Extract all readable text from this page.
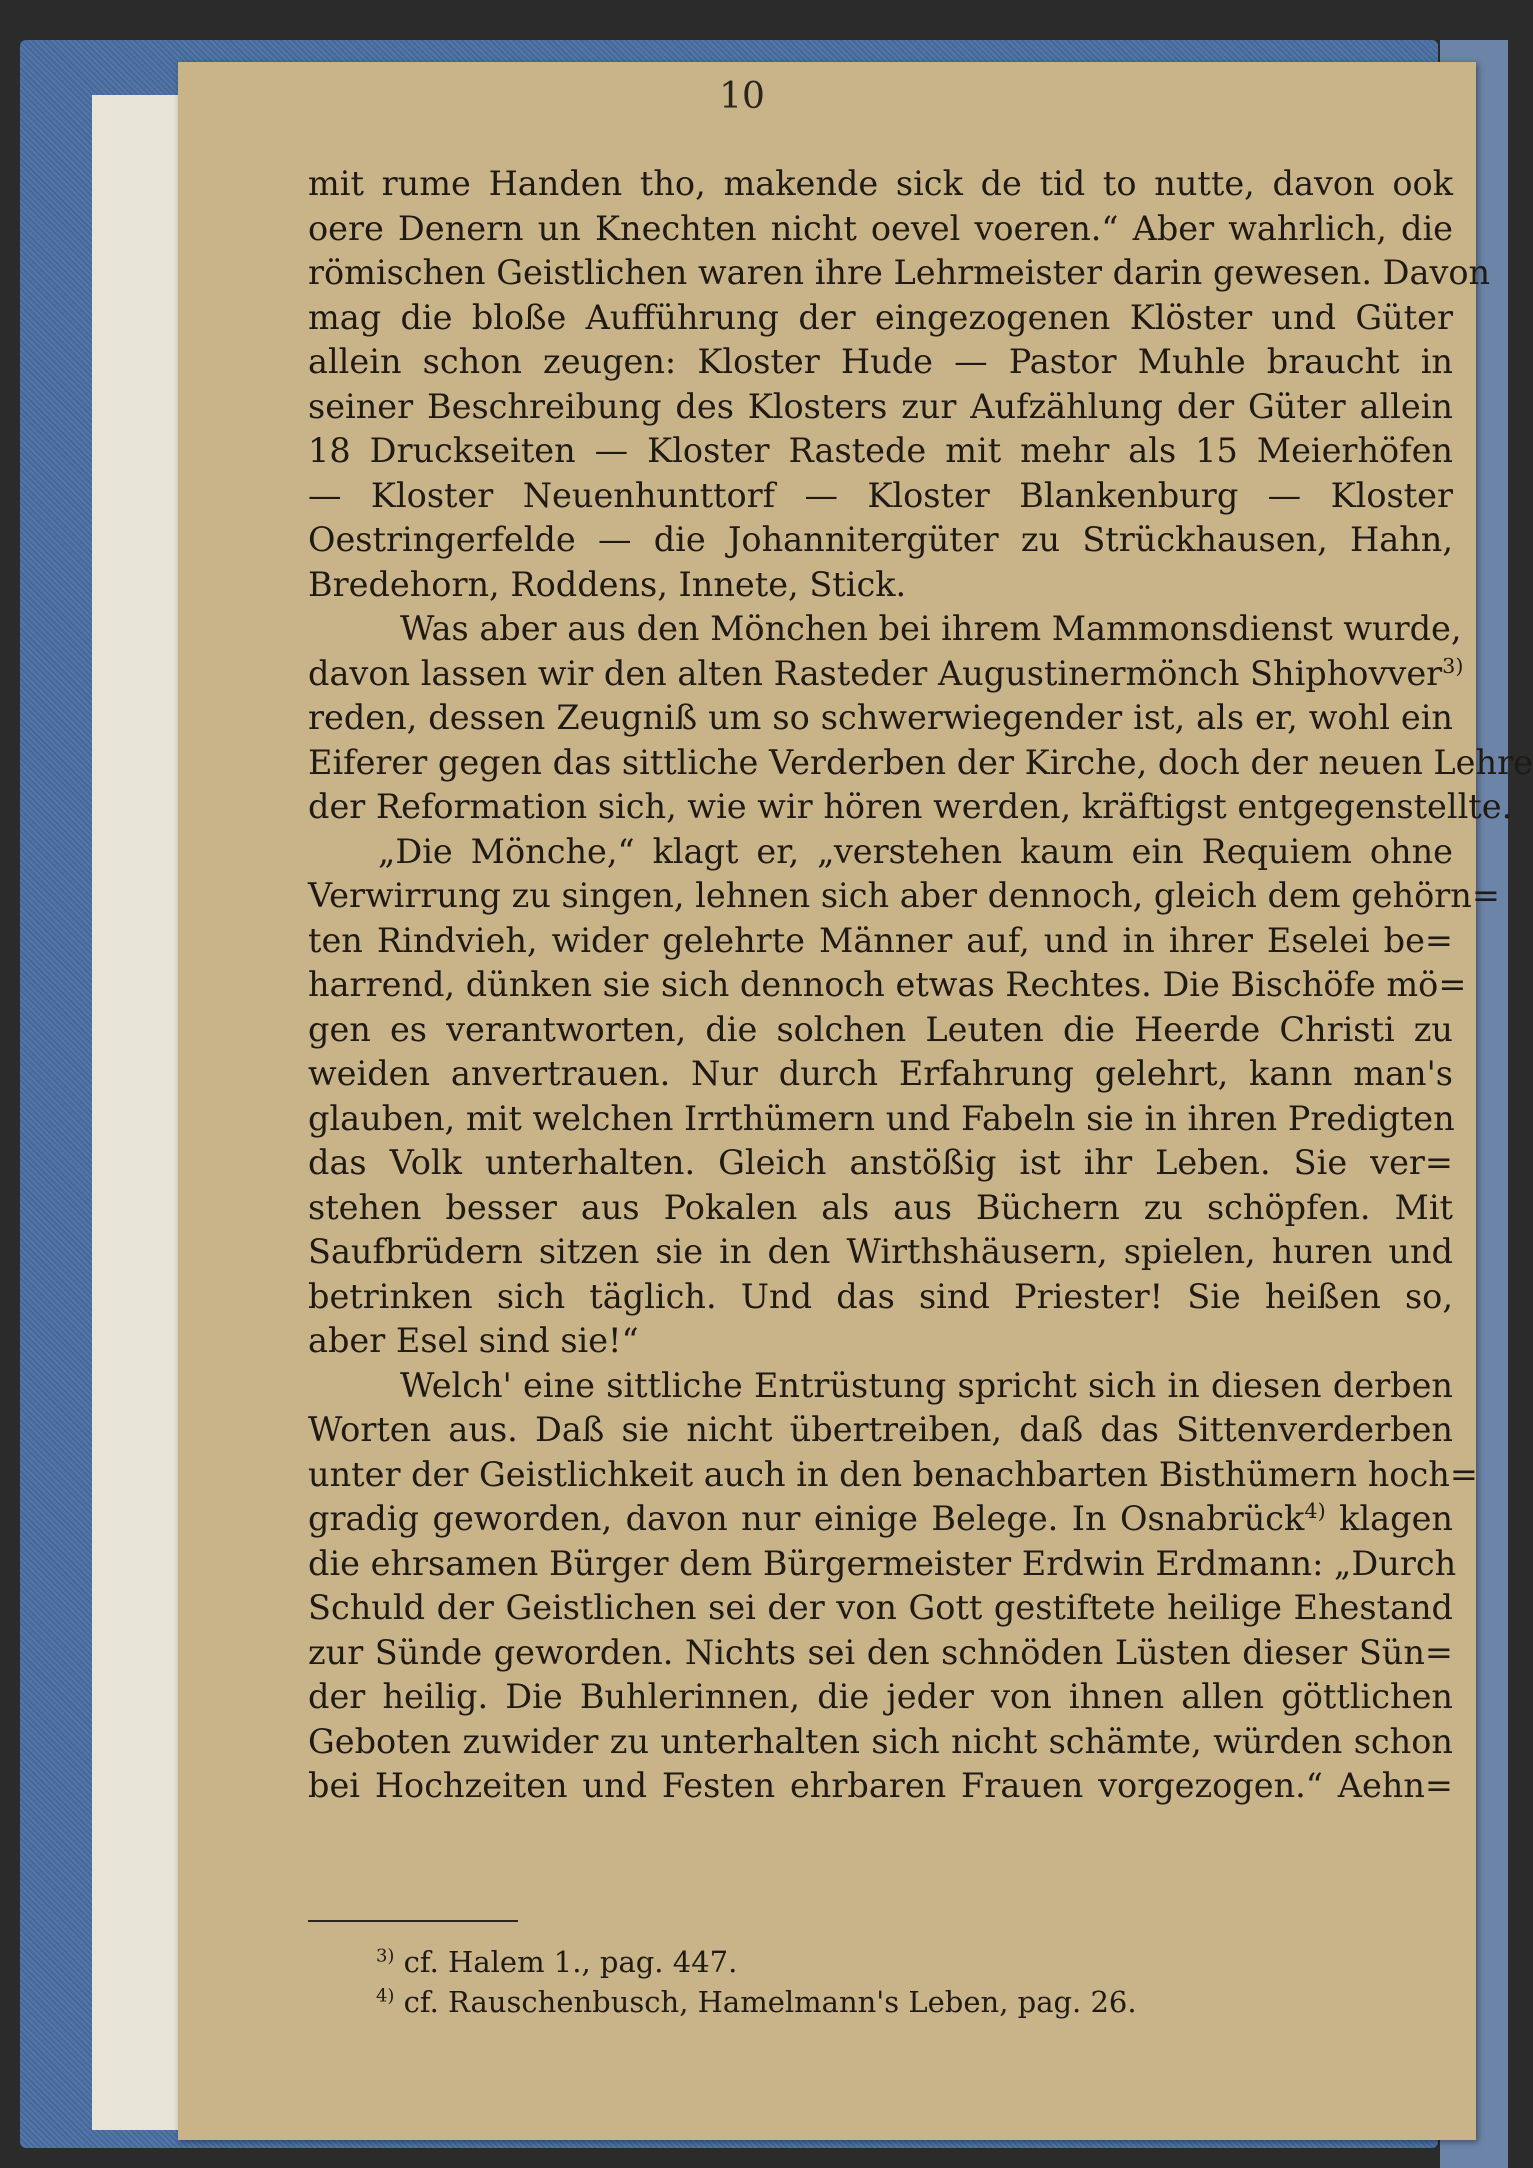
10
mit rume Handen tho, makende sick de tid to nutte, davon ook
oere Denern un Knechten nicht oevel voeren.“ Aber wahrlich, die
römischen Geistlichen waren ihre Lehrmeister darin gewesen. Davon
mag die bloße Aufführung der eingezogenen Klöster und Güter
allein schon zeugen: Kloster Hude — Pastor Muhle braucht in
seiner Beschreibung des Klosters zur Aufzählung der Güter allein
18 Druckseiten — Kloster Rastede mit mehr als 15 Meierhöfen
— Kloster Neuenhunttorf — Kloster Blankenburg — Kloster
Oestringerfelde — die Johannitergüter zu Strückhausen, Hahn,
Bredehorn, Roddens, Innete, Stick.
Was aber aus den Mönchen bei ihrem Mammonsdienst wurde,
davon lassen wir den alten Rasteder Augustinermönch Shiphovver$^{3)}$
reden, dessen Zeugniß um so schwerwiegender ist, als er, wohl ein
Eiferer gegen das sittliche Verderben der Kirche, doch der neuen Lehre
der Reformation sich, wie wir hören werden, kräftigst entgegenstellte.
„Die Mönche,“ klagt er, „verstehen kaum ein Requiem ohne
Verwirrung zu singen, lehnen sich aber dennoch, gleich dem gehörn=
ten Rindvieh, wider gelehrte Männer auf, und in ihrer Eselei be=
harrend, dünken sie sich dennoch etwas Rechtes. Die Bischöfe mö=
gen es verantworten, die solchen Leuten die Heerde Christi zu
weiden anvertrauen. Nur durch Erfahrung gelehrt, kann man's
glauben, mit welchen Irrthümern und Fabeln sie in ihren Predigten
das Volk unterhalten. Gleich anstößig ist ihr Leben. Sie ver=
stehen besser aus Pokalen als aus Büchern zu schöpfen. Mit
Saufbrüdern sitzen sie in den Wirthshäusern, spielen, huren und
betrinken sich täglich. Und das sind Priester! Sie heißen so,
aber Esel sind sie!“
Welch' eine sittliche Entrüstung spricht sich in diesen derben
Worten aus. Daß sie nicht übertreiben, daß das Sittenverderben
unter der Geistlichkeit auch in den benachbarten Bisthümern hoch=
gradig geworden, davon nur einige Belege. In Osnabrück$^{4)}$ klagen
die ehrsamen Bürger dem Bürgermeister Erdwin Erdmann: „Durch
Schuld der Geistlichen sei der von Gott gestiftete heilige Ehestand
zur Sünde geworden. Nichts sei den schnöden Lüsten dieser Sün=
der heilig. Die Buhlerinnen, die jeder von ihnen allen göttlichen
Geboten zuwider zu unterhalten sich nicht schämte, würden schon
bei Hochzeiten und Festen ehrbaren Frauen vorgezogen.“ Aehn=
$^{3)}$ cf. Halem 1., pag. 447.
$^{4)}$ cf. Rauschenbusch, Hamelmann's Leben, pag. 26.
